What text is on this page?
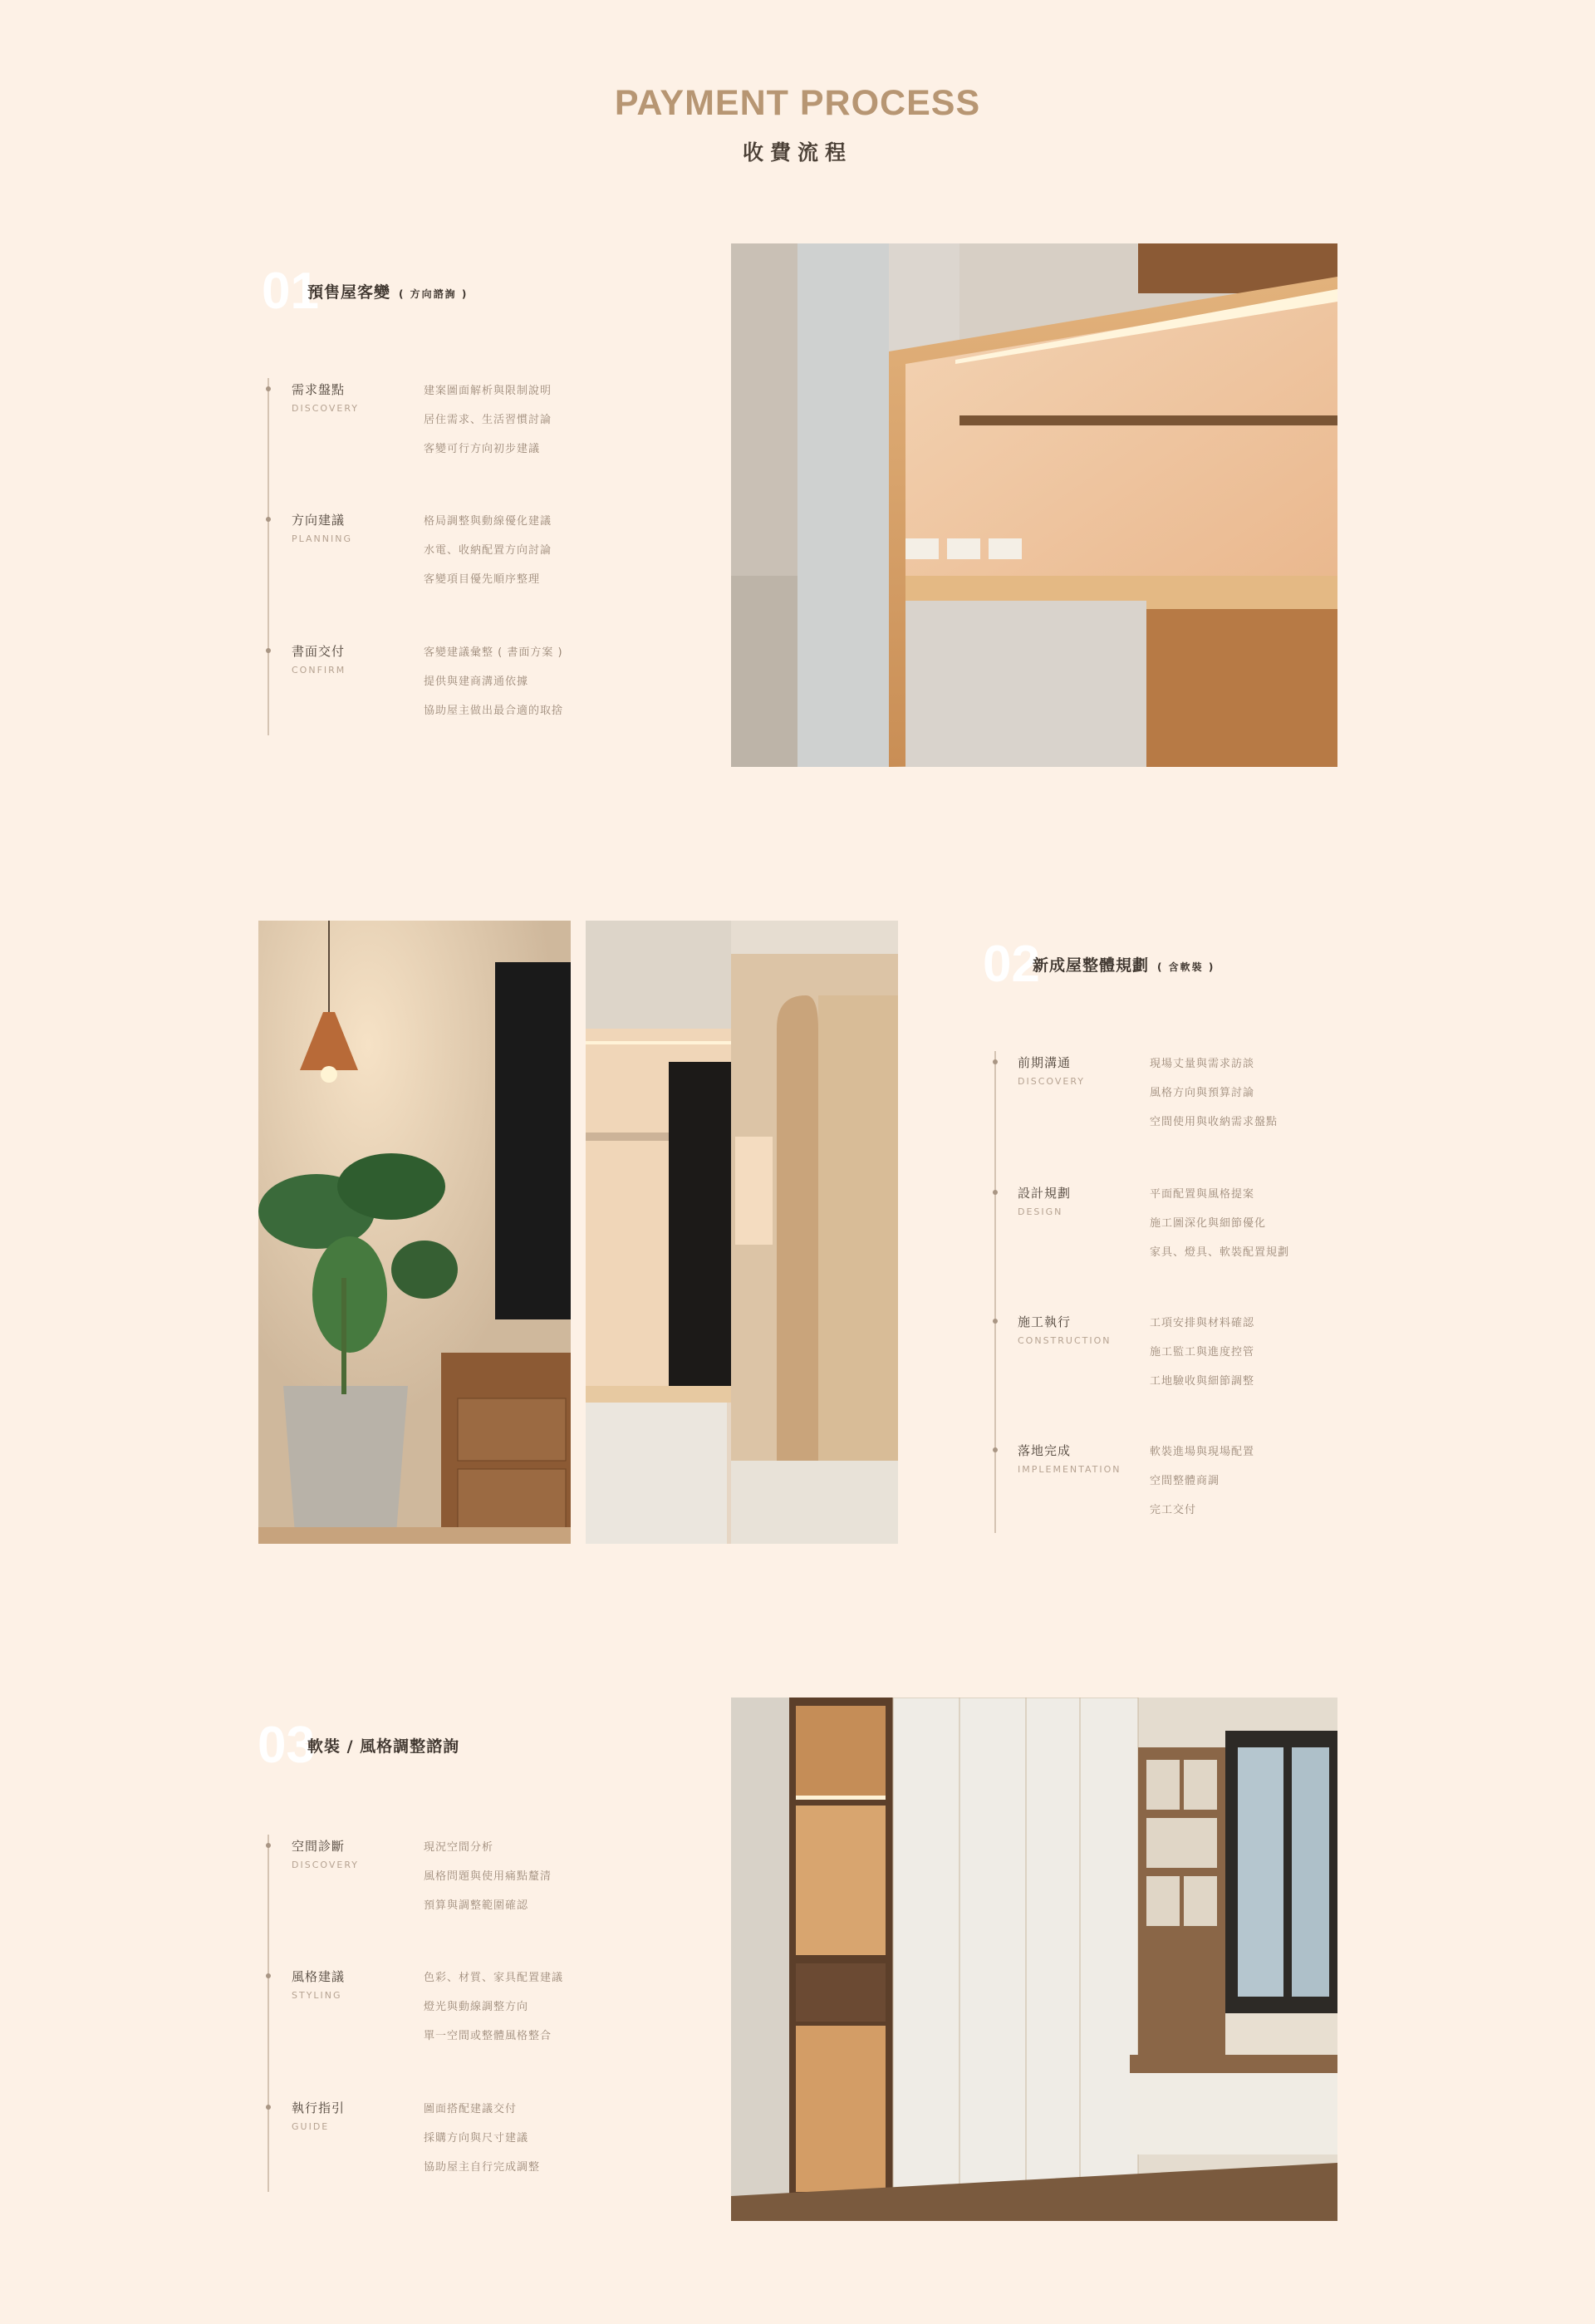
PAYMENT PROCESS
收費流程
01
預售屋客變 ( 方向諮詢 )
需求盤點
DISCOVERY
建案圖面解析與限制說明
居住需求、生活習慣討論
客變可行方向初步建議
方向建議
PLANNING
格局調整與動線優化建議
水電、收納配置方向討論
客變項目優先順序整理
書面交付
CONFIRM
客變建議彙整 ( 書面方案 )
提供與建商溝通依據
協助屋主做出最合適的取捨
02
新成屋整體規劃 ( 含軟裝 )
前期溝通
DISCOVERY
現場丈量與需求訪談
風格方向與預算討論
空間使用與收納需求盤點
設計規劃
DESIGN
平面配置與風格提案
施工圖深化與細節優化
家具、燈具、軟裝配置規劃
施工執行
CONSTRUCTION
工項安排與材料確認
施工監工與進度控管
工地驗收與細節調整
落地完成
IMPLEMENTATION
軟裝進場與現場配置
空間整體商調
完工交付
03
軟裝 / 風格調整諮詢
空間診斷
DISCOVERY
現況空間分析
風格問題與使用痛點釐清
預算與調整範圍確認
風格建議
STYLING
色彩、材質、家具配置建議
燈光與動線調整方向
單一空間或整體風格整合
執行指引
GUIDE
圖面搭配建議交付
採購方向與尺寸建議
協助屋主自行完成調整
